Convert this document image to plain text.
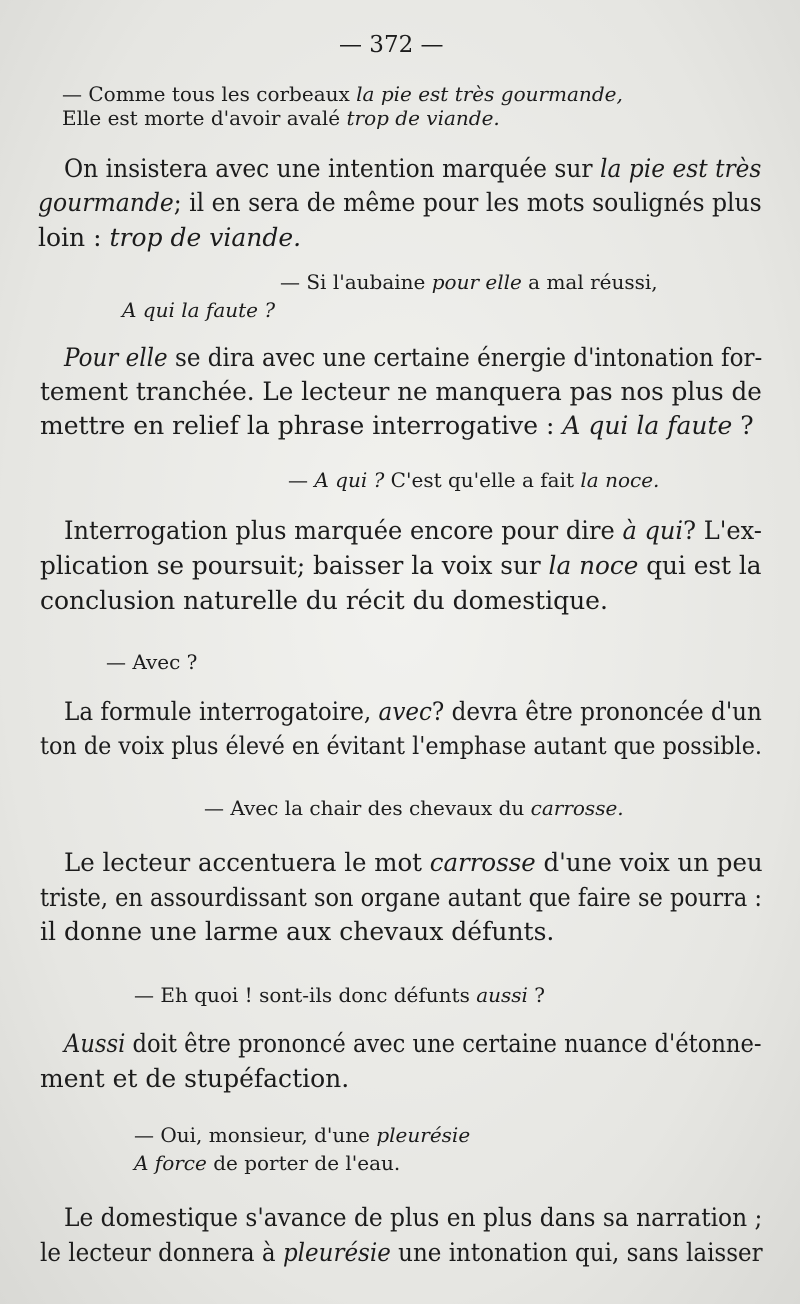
— 372 —
— Comme tous les corbeaux la pie est très gourmande,
Elle est morte d'avoir avalé trop de viande.
On insistera avec une intention marquée sur la pie est très
gourmande; il en sera de même pour les mots soulignés plus
loin : trop de viande.
— Si l'aubaine pour elle a mal réussi,
A qui la faute ?
Pour elle se dira avec une certaine énergie d'intonation for-
tement tranchée. Le lecteur ne manquera pas nos plus de
mettre en relief la phrase interrogative : A qui la faute ?
— A qui ? C'est qu'elle a fait la noce.
Interrogation plus marquée encore pour dire à qui? L'ex-
plication se poursuit; baisser la voix sur la noce qui est la
conclusion naturelle du récit du domestique.
— Avec ?
La formule interrogatoire, avec? devra être prononcée d'un
ton de voix plus élevé en évitant l'emphase autant que possible.
— Avec la chair des chevaux du carrosse.
Le lecteur accentuera le mot carrosse d'une voix un peu
triste, en assourdissant son organe autant que faire se pourra :
il donne une larme aux chevaux défunts.
— Eh quoi ! sont-ils donc défunts aussi ?
Aussi doit être prononcé avec une certaine nuance d'étonne-
ment et de stupéfaction.
— Oui, monsieur, d'une pleurésie
A force de porter de l'eau.
Le domestique s'avance de plus en plus dans sa narration ;
le lecteur donnera à pleurésie une intonation qui, sans laisser
